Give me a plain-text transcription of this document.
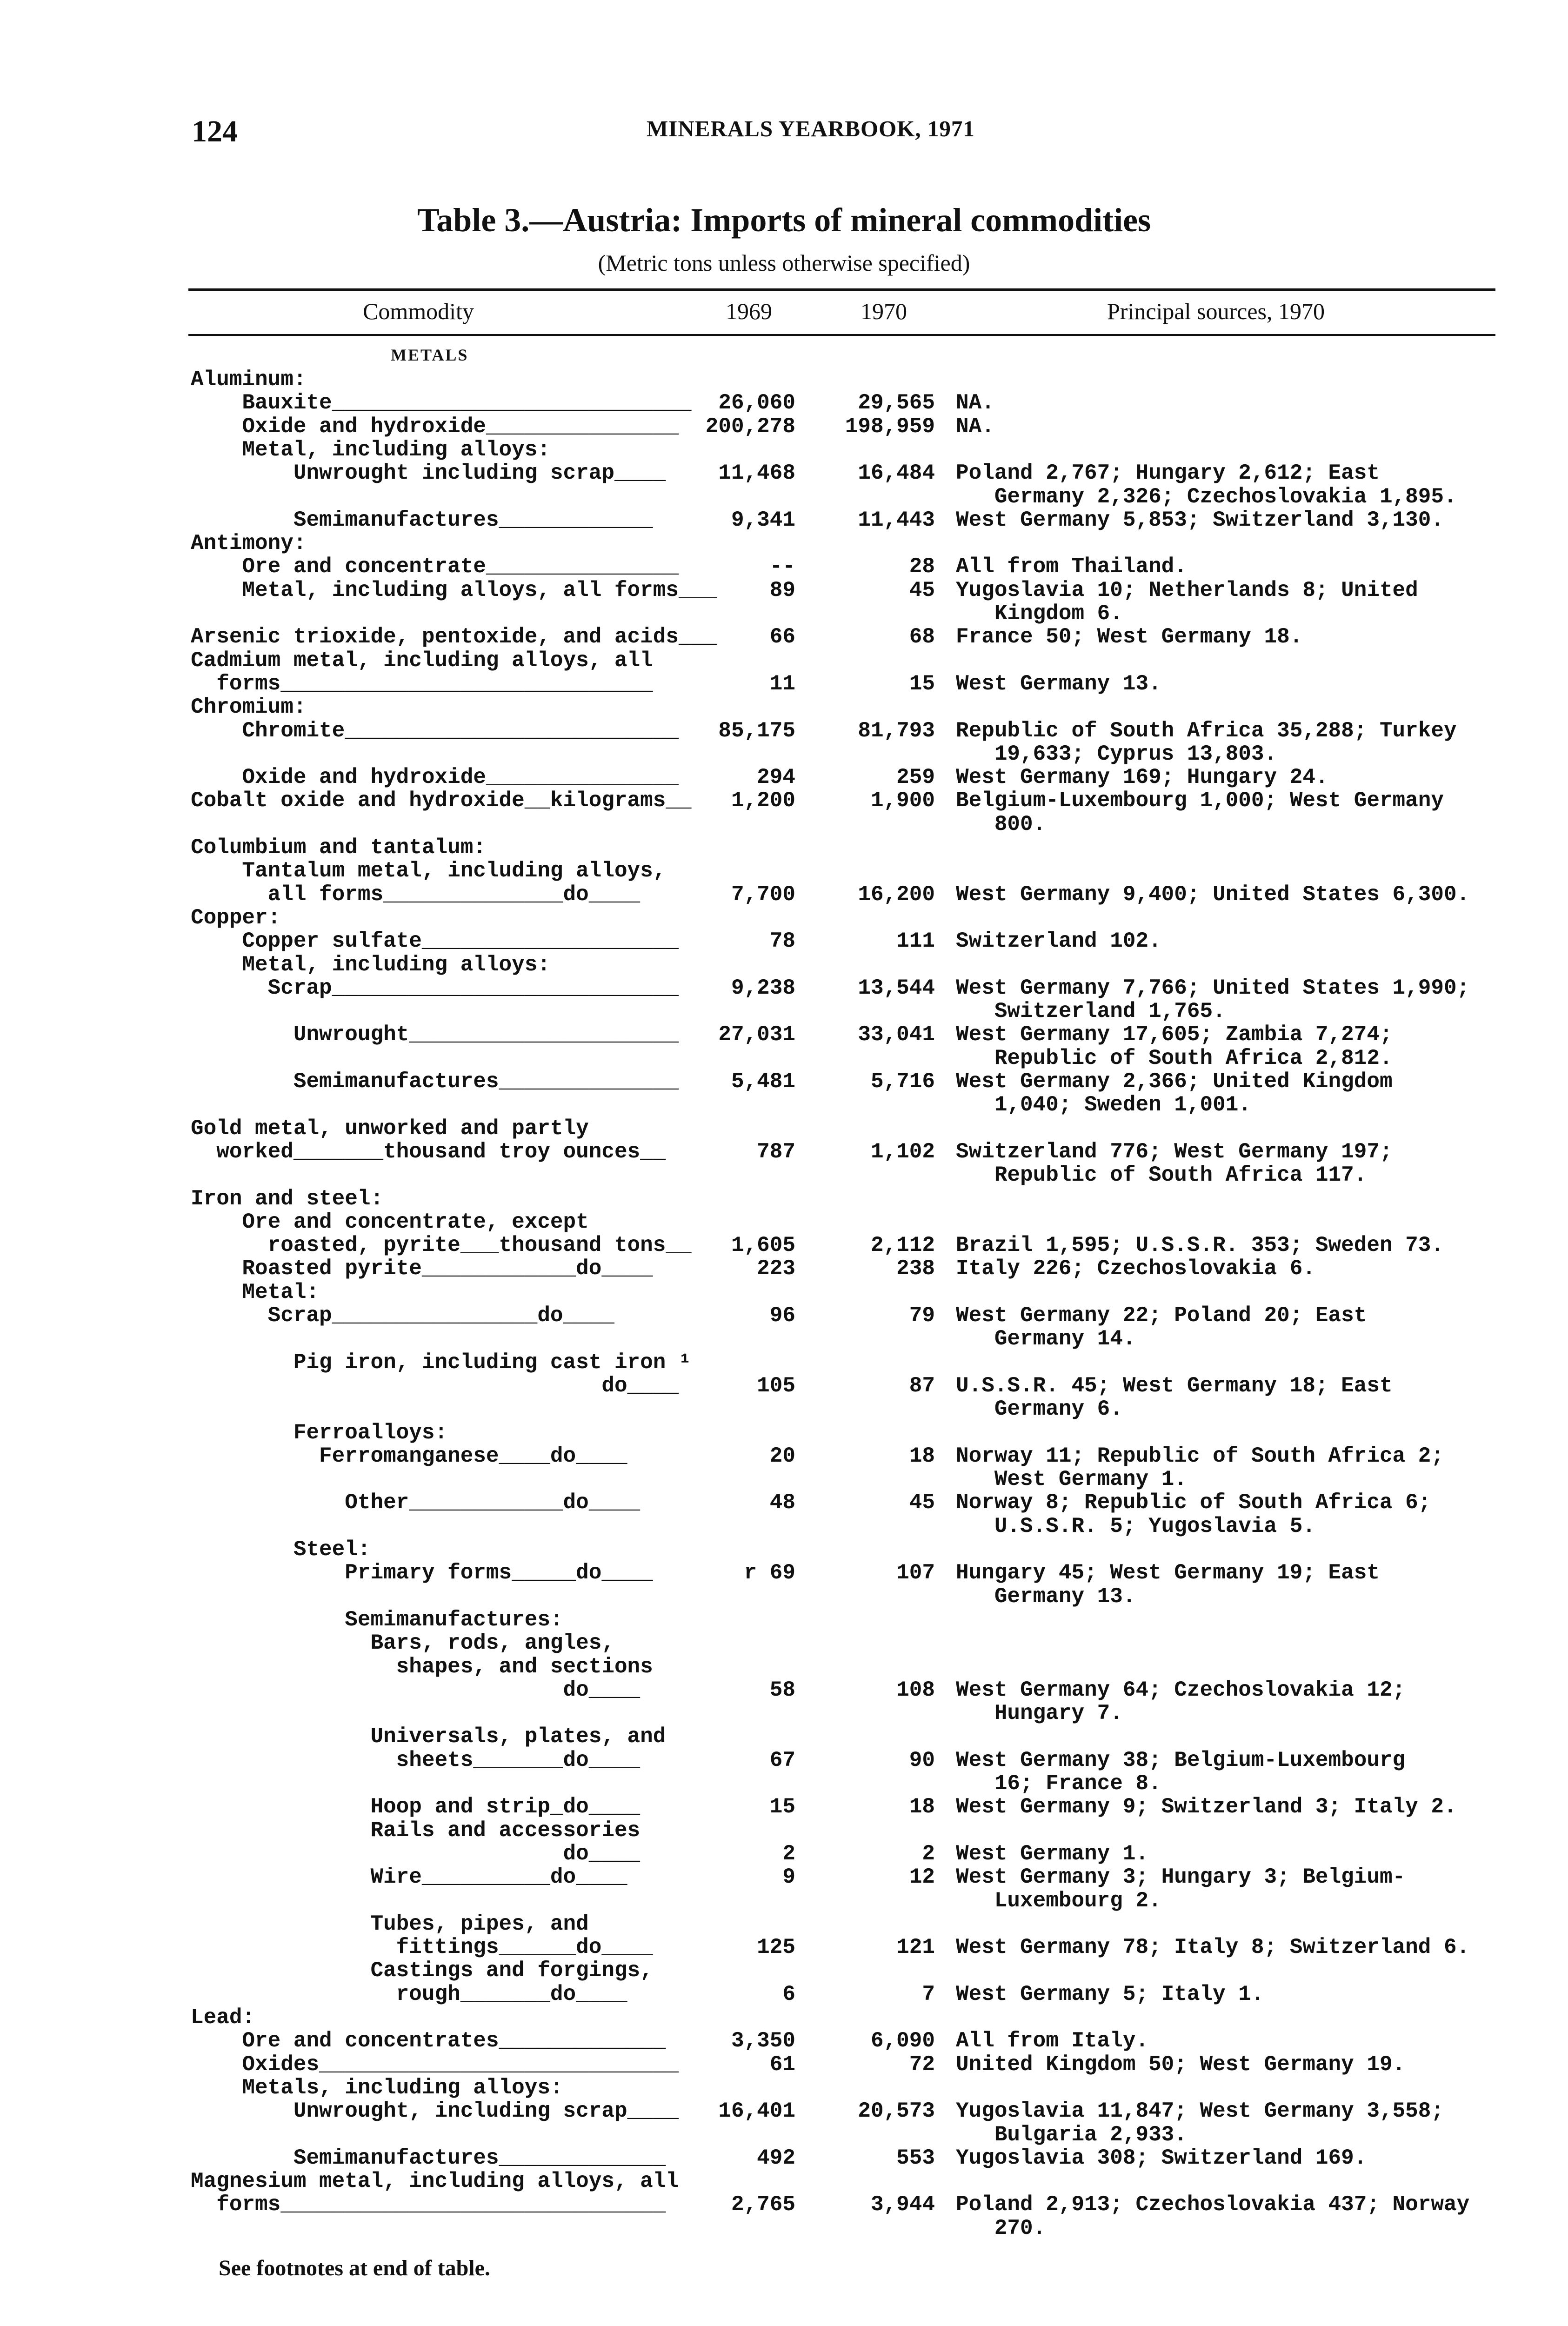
124	MINERALS YEARBOOK, 1971
Table 3.—Austria: Imports of mineral commodities
(Metric tons unless otherwise specified)
Commodity	1969	1970	Principal sources, 1970
METALS
Aluminum:
Bauxite____________________________ 26,060	29,565 NA.
Oxide and hydroxide_______________ 200,278 198,959 NA.
Metal, including alloys:
Unwrought including scrap____ 11,468	16,484 Poland 2,767; Hungary 2,612; East
Germany 2,326; Czechoslovakia 1,895.
Semimanufactures____________	9,341	11,443 West Germany 5,853; Switzerland 3,130.
Antimony:
Ore and concentrate_______________	--	28 All from Thailand.
Metal, including alloys, all forms___ 89	45 Yugoslavia 10; Netherlands 8; United
Kingdom 6.
Arsenic trioxide, pentoxide, and acids___ 66	68 France 50; West Germany 18.
Cadmium metal, including alloys, all
forms_____________________________	11	15 West Germany 13.
Chromium:
Chromite__________________________ 85,175	81,793 Republic of South Africa 35,288; Turkey
19,633; Cyprus 13,803.
Oxide and hydroxide_______________	294	259 West Germany 169; Hungary 24.
Cobalt oxide and hydroxide__kilograms__ 1,200	1,900 Belgium-Luxembourg 1,000; West Germany
800.
Columbium and tantalum:
Tantalum metal, including alloys,
all forms______________do____	7,700	16,200 West Germany 9,400; United States 6,300.
Copper:
Copper sulfate____________________	78	111 Switzerland 102.
Metal, including alloys:
Scrap___________________________ 9,238	13,544 West Germany 7,766; United States 1,990;
Switzerland 1,765.
Unwrought_____________________ 27,031	33,041 West Germany 17,605; Zambia 7,274;
Republic of South Africa 2,812.
Semimanufactures______________ 5,481	5,716 West Germany 2,366; United Kingdom
1,040; Sweden 1,001.
Gold metal, unworked and partly
worked_______thousand troy ounces__	787	1,102 Switzerland 776; West Germany 197;
Republic of South Africa 117.
Iron and steel:
Ore and concentrate, except
roasted, pyrite___thousand tons__ 1,605	2,112 Brazil 1,595; U.S.S.R. 353; Sweden 73.
Roasted pyrite____________do____	223	238 Italy 226; Czechoslovakia 6.
Metal:
Scrap________________do____	96	79 West Germany 22; Poland 20; East
Germany 14.
Pig iron, including cast iron ¹
do____	105	87 U.S.S.R. 45; West Germany 18; East
Germany 6.
Ferroalloys:
Ferromanganese____do____	20	18 Norway 11; Republic of South Africa 2;
West Germany 1.
Other____________do____	48	45 Norway 8; Republic of South Africa 6;
U.S.S.R. 5; Yugoslavia 5.
Steel:
Primary forms_____do____	r 69	107 Hungary 45; West Germany 19; East
Germany 13.
Semimanufactures:
Bars, rods, angles,
shapes, and sections
do____	58	108 West Germany 64; Czechoslovakia 12;
Hungary 7.
Universals, plates, and
sheets_______do____	67	90 West Germany 38; Belgium-Luxembourg
16; France 8.
Hoop and strip_do____	15	18 West Germany 9; Switzerland 3; Italy 2.
Rails and accessories
do____	2	2 West Germany 1.
Wire__________do____	9	12 West Germany 3; Hungary 3; Belgium-
Luxembourg 2.
Tubes, pipes, and
fittings______do____	125	121 West Germany 78; Italy 8; Switzerland 6.
Castings and forgings,
rough_______do____	6	7 West Germany 5; Italy 1.
Lead:
Ore and concentrates_____________	3,350	6,090 All from Italy.
Oxides____________________________	61	72 United Kingdom 50; West Germany 19.
Metals, including alloys:
Unwrought, including scrap____ 16,401	20,573 Yugoslavia 11,847; West Germany 3,558;
Bulgaria 2,933.
Semimanufactures_____________	492	553 Yugoslavia 308; Switzerland 169.
Magnesium metal, including alloys, all
forms______________________________	2,765	3,944 Poland 2,913; Czechoslovakia 437; Norway
270.
See footnotes at end of table.
